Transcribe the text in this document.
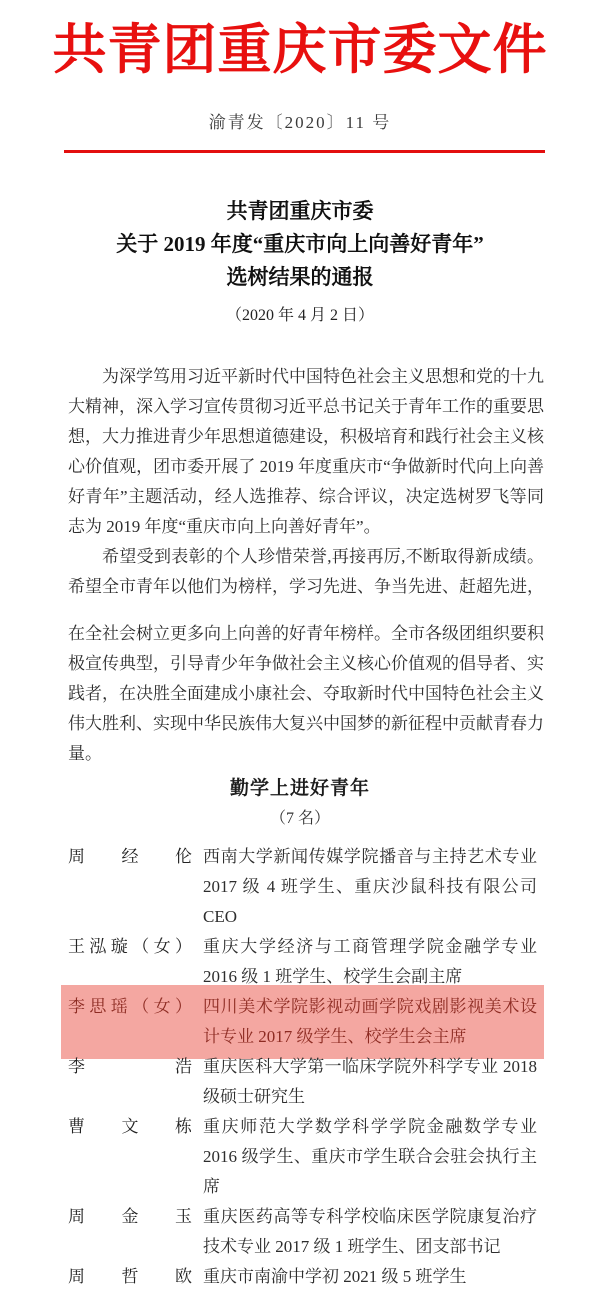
共青团重庆市委文件
渝青发〔2020〕11 号
共青团重庆市委
关于 2019 年度“重庆市向上向善好青年”
选树结果的通报
（2020 年 4 月 2 日）

为深学笃用习近平新时代中国特色社会主义思想和党的十九大精神，深入学习宣传贯彻习近平总书记关于青年工作的重要思想，大力推进青少年思想道德建设，积极培育和践行社会主义核心价值观，团市委开展了 2019 年度重庆市“争做新时代向上向善好青年”主题活动，经人选推荐、综合评议，决定选树罗飞等同志为 2019 年度“重庆市向上向善好青年”。

希望受到表彰的个人珍惜荣誉,再接再厉,不断取得新成绩。希望全市青年以他们为榜样，学习先进、争当先进、赶超先进，

在全社会树立更多向上向善的好青年榜样。全市各级团组织要积极宣传典型，引导青少年争做社会主义核心价值观的倡导者、实践者，在决胜全面建成小康社会、夺取新时代中国特色社会主义伟大胜利、实现中华民族伟大复兴中国梦的新征程中贡献青春力量。

勤学上进好青年
（7 名）
周经伦 西南大学新闻传媒学院播音与主持艺术专业 2017 级 4 班学生、重庆沙鼠科技有限公司 CEO
王泓璇（女） 重庆大学经济与工商管理学院金融学专业 2016 级 1 班学生、校学生会副主席
李思瑶（女） 四川美术学院影视动画学院戏剧影视美术设计专业 2017 级学生、校学生会主席
李　浩 重庆医科大学第一临床学院外科学专业 2018 级硕士研究生
曹文栋 重庆师范大学数学科学学院金融数学专业 2016 级学生、重庆市学生联合会驻会执行主席
周金玉 重庆医药高等专科学校临床医学院康复治疗技术专业 2017 级 1 班学生、团支部书记
周哲欧 重庆市南渝中学初 2021 级 5 班学生
